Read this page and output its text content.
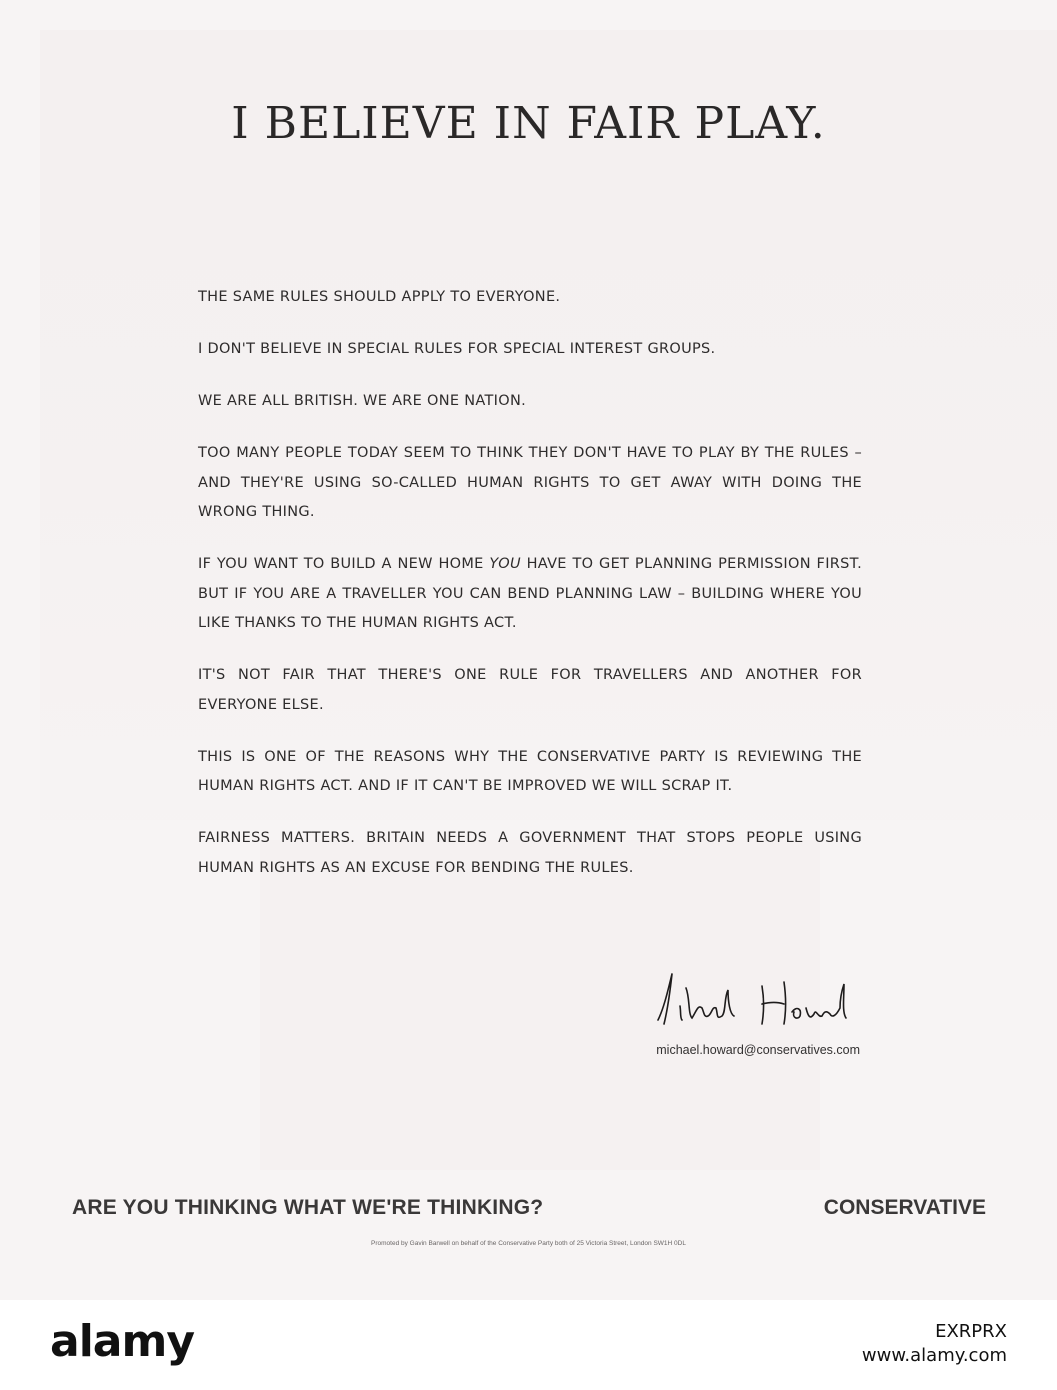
I BELIEVE IN FAIR PLAY.

THE SAME RULES SHOULD APPLY TO EVERYONE.

I DON'T BELIEVE IN SPECIAL RULES FOR SPECIAL INTEREST GROUPS.

WE ARE ALL BRITISH. WE ARE ONE NATION.

TOO MANY PEOPLE TODAY SEEM TO THINK THEY DON'T HAVE TO PLAY BY THE RULES – AND THEY'RE USING SO-CALLED HUMAN RIGHTS TO GET AWAY WITH DOING THE WRONG THING.

IF YOU WANT TO BUILD A NEW HOME YOU HAVE TO GET PLANNING PERMISSION FIRST. BUT IF YOU ARE A TRAVELLER YOU CAN BEND PLANNING LAW – BUILDING WHERE YOU LIKE THANKS TO THE HUMAN RIGHTS ACT.

IT'S NOT FAIR THAT THERE'S ONE RULE FOR TRAVELLERS AND ANOTHER FOR EVERYONE ELSE.

THIS IS ONE OF THE REASONS WHY THE CONSERVATIVE PARTY IS REVIEWING THE HUMAN RIGHTS ACT. AND IF IT CAN'T BE IMPROVED WE WILL SCRAP IT.

FAIRNESS MATTERS. BRITAIN NEEDS A GOVERNMENT THAT STOPS PEOPLE USING HUMAN RIGHTS AS AN EXCUSE FOR BENDING THE RULES.

michael.howard@conservatives.com
ARE YOU THINKING WHAT WE'RE THINKING?	CONSERVATIVE
Promoted by Gavin Barwell on behalf of the Conservative Party both of 25 Victoria Street, London SW1H 0DL
alamy	EXRPRX
www.alamy.com
